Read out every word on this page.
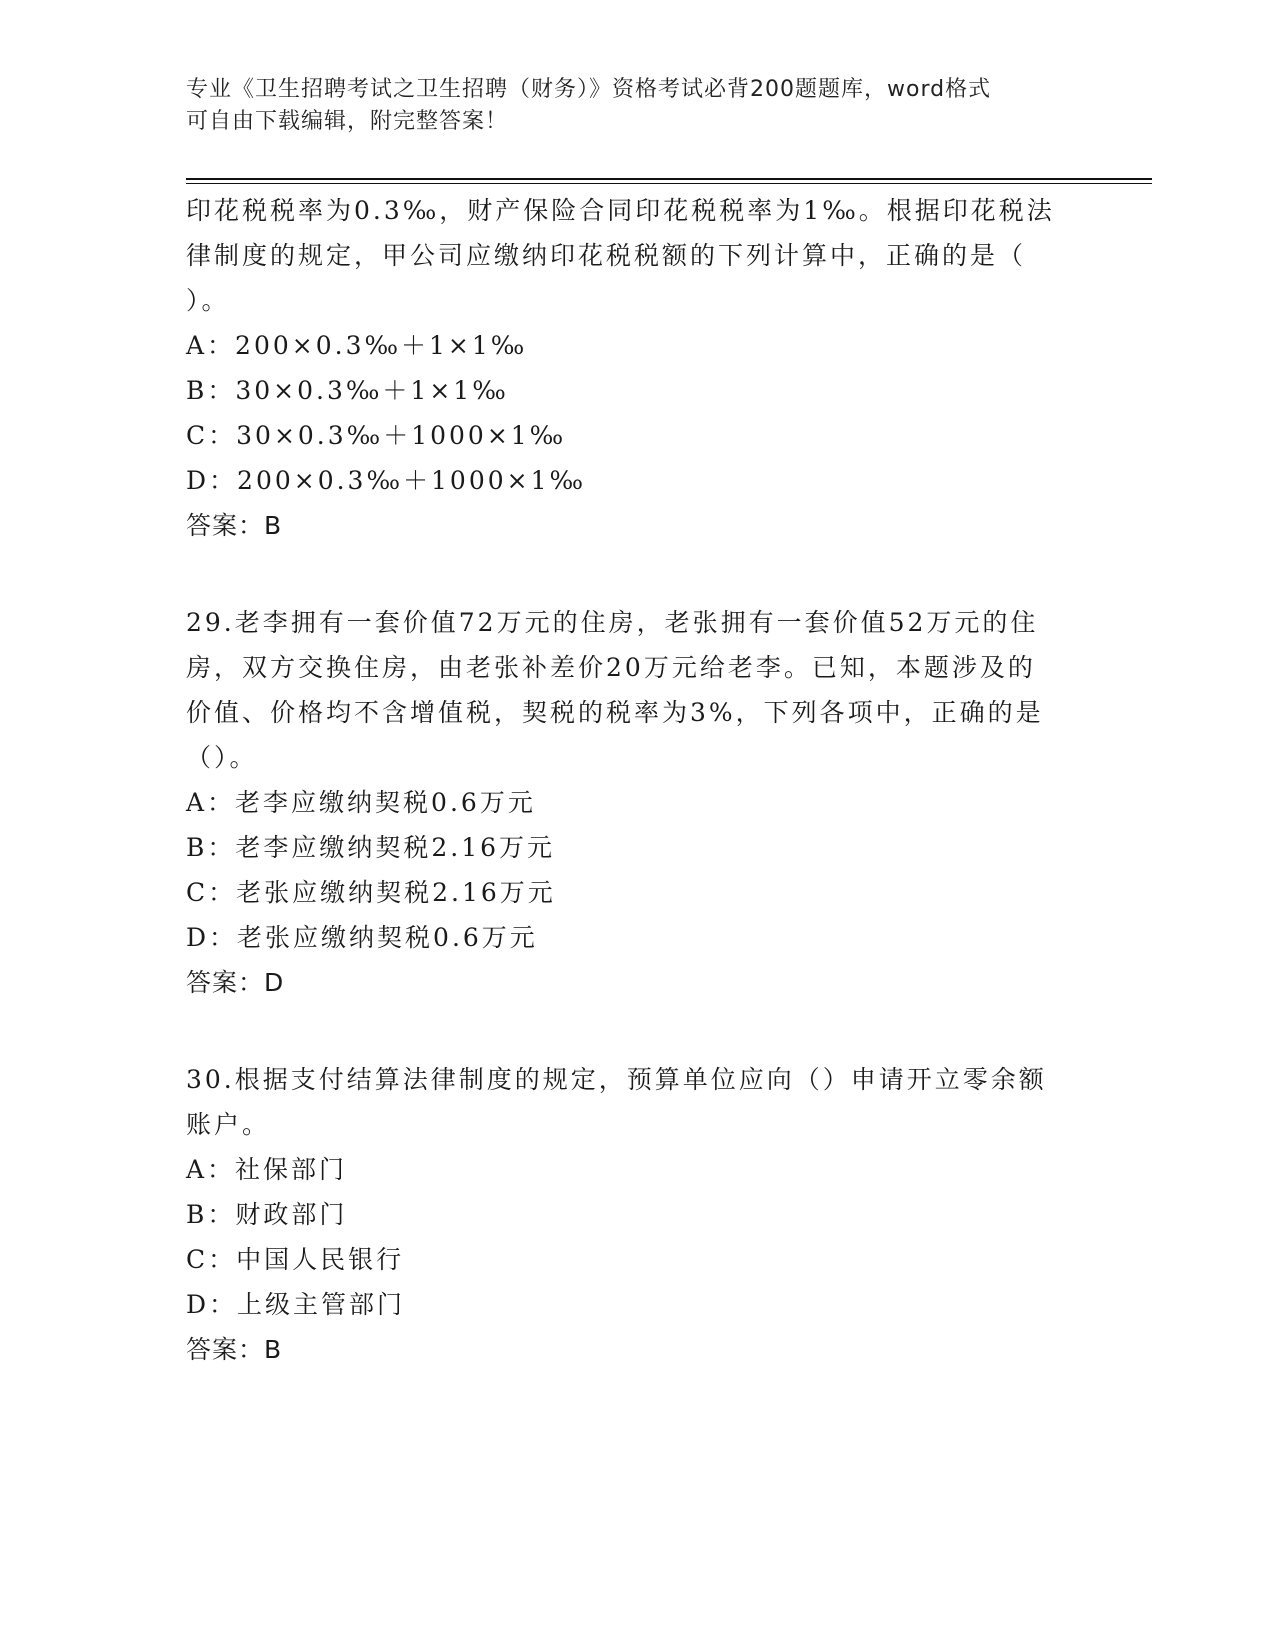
专业《卫生招聘考试之卫生招聘（财务）》资格考试必背200题题库，word格式
可自由下载编辑，附完整答案！
印花税税率为0.3‰，财产保险合同印花税税率为1‰。根据印花税法
律制度的规定，甲公司应缴纳印花税税额的下列计算中，正确的是（
）。
A：200×0.3‰＋1×1‰
B：30×0.3‰＋1×1‰
C：30×0.3‰＋1000×1‰
D：200×0.3‰＋1000×1‰
答案：B
29.老李拥有一套价值72万元的住房，老张拥有一套价值52万元的住
房，双方交换住房，由老张补差价20万元给老李。已知，本题涉及的
价值、价格均不含增值税，契税的税率为3%，下列各项中，正确的是
（）。
A：老李应缴纳契税0.6万元
B：老李应缴纳契税2.16万元
C：老张应缴纳契税2.16万元
D：老张应缴纳契税0.6万元
答案：D
30.根据支付结算法律制度的规定，预算单位应向（）申请开立零余额
账户。
A：社保部门
B：财政部门
C：中国人民银行
D：上级主管部门
答案：B
